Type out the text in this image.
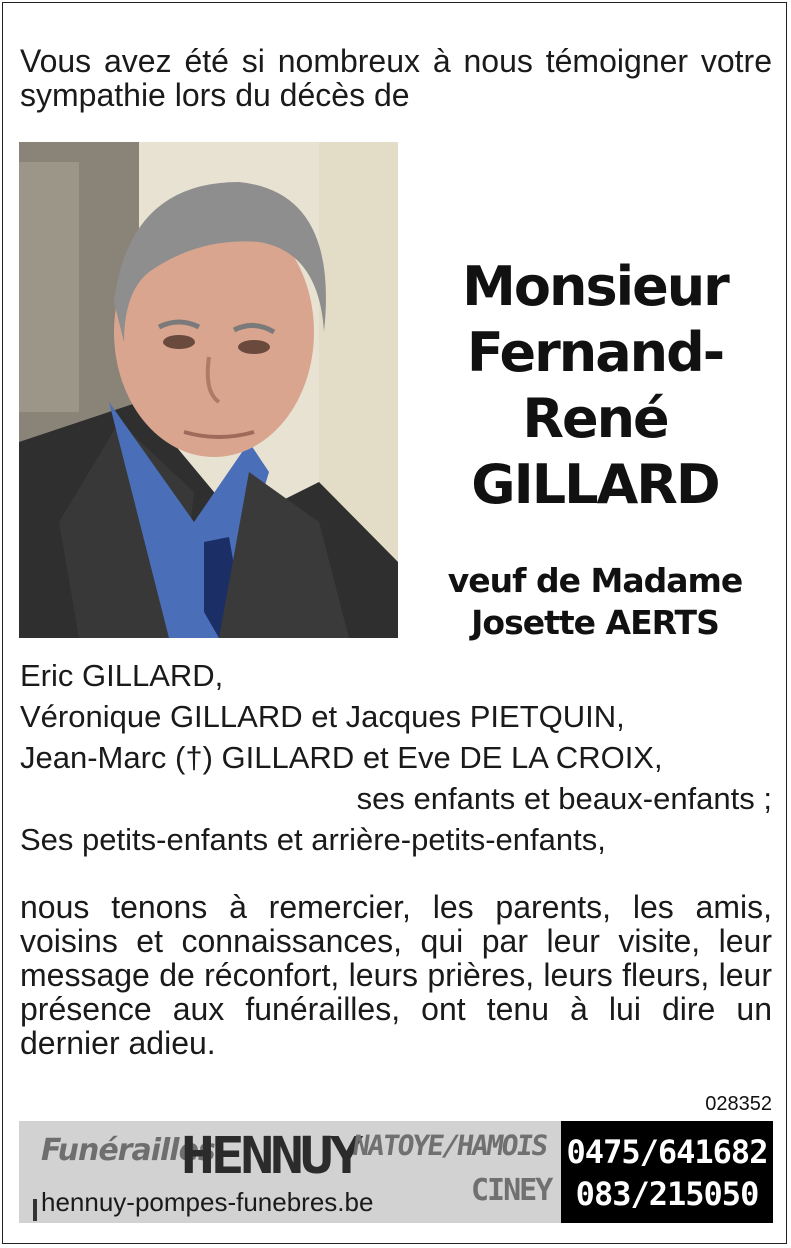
Vous avez été si nombreux à nous témoigner votre sympathie lors du décès de

Monsieur
Fernand-René
GILLARD
veuf de Madame
Josette AERTS
Eric GILLARD,
Véronique GILLARD et Jacques PIETQUIN,
Jean-Marc (†) GILLARD et Eve DE LA CROIX,
ses enfants et beaux-enfants ;
Ses petits-enfants et arrière-petits-enfants,

nous tenons à remercier, les parents, les amis, voisins et connaissances, qui par leur visite, leur message de réconfort, leurs prières, leurs fleurs, leur présence aux funérailles, ont tenu à lui dire un dernier adieu.

028352
Funérailles
HENNUY
NATOYE/HAMOIS
CINEY
hennuy-pompes-funebres.be
0475/641682
083/215050
